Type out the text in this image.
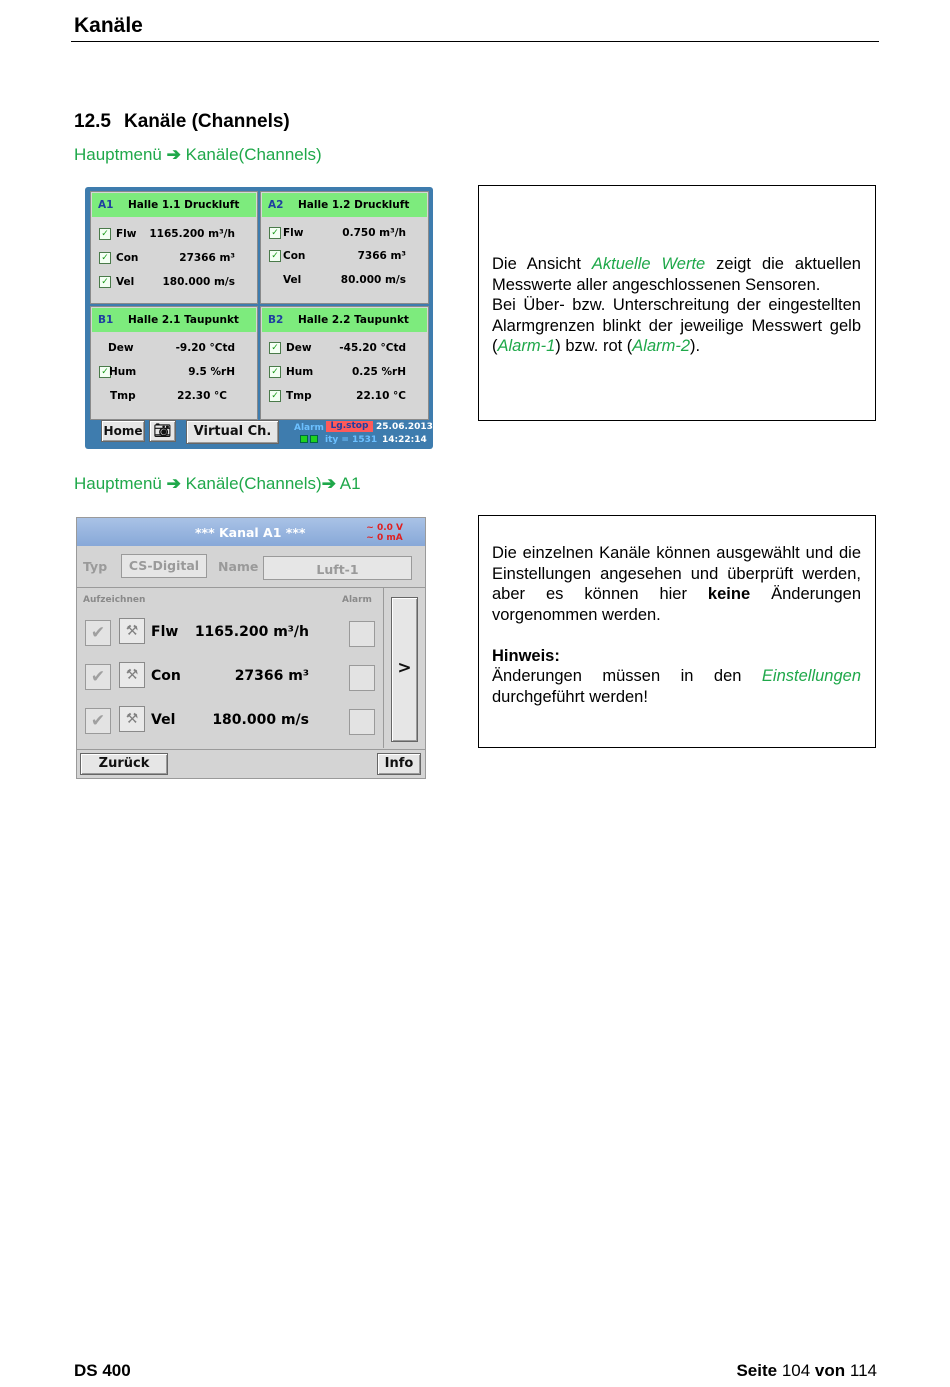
Kanäle
12.5 Kanäle (Channels)
Hauptmenü ➔ Kanäle(Channels)
A1 Halle 1.1 Druckluft
✓ Flw 1165.200 m³/h
✓ Con	27366 m³
✓ Vel	180.000 m/s
A2 Halle 1.2 Druckluft
✓ Flw	0.750 m³/h
✓ Con	7366 m³
Vel	80.000 m/s
B1 Halle 2.1 Taupunkt
Dew	-9.20 °Ctd
✓ Hum	9.5 %rH
Tmp	22.30 °C
B2 Halle 2.2 Taupunkt
✓ Dew	-45.20 °Ctd
✓ Hum	0.25 %rH
✓ Tmp	22.10 °C
Home 📷︎	Virtual Ch.	Alarm Lg.stop
ity = 1531
25.06.2013
14:22:14

Die Ansicht Aktuelle Werte zeigt die aktuellen Messwerte aller angeschlossenen Sensoren.

Bei Über- bzw. Unterschreitung der eingestellten Alarmgrenzen blinkt der jeweilige Messwert gelb (Alarm-1) bzw. rot (Alarm-2).

Hauptmenü ➔ Kanäle(Channels)➔ A1
*** Kanal A1 ***	~ 0.0 V
~ 0 mA
Typ	CS-Digital	Name	Luft-1
Aufzeichnen	Alarm
✔	⚒ Flw 1165.200 m³/h
✔	⚒ Con	27366 m³
✔	⚒ Vel	180.000 m/s
>
Zurück	Info

Die einzelnen Kanäle können ausgewählt und die Einstellungen angesehen und überprüft werden, aber es können hier keine Änderungen vorgenommen werden.

Hinweis:

Änderungen müssen in den Einstellungen durchgeführt werden!

DS 400	Seite 104 von 114
